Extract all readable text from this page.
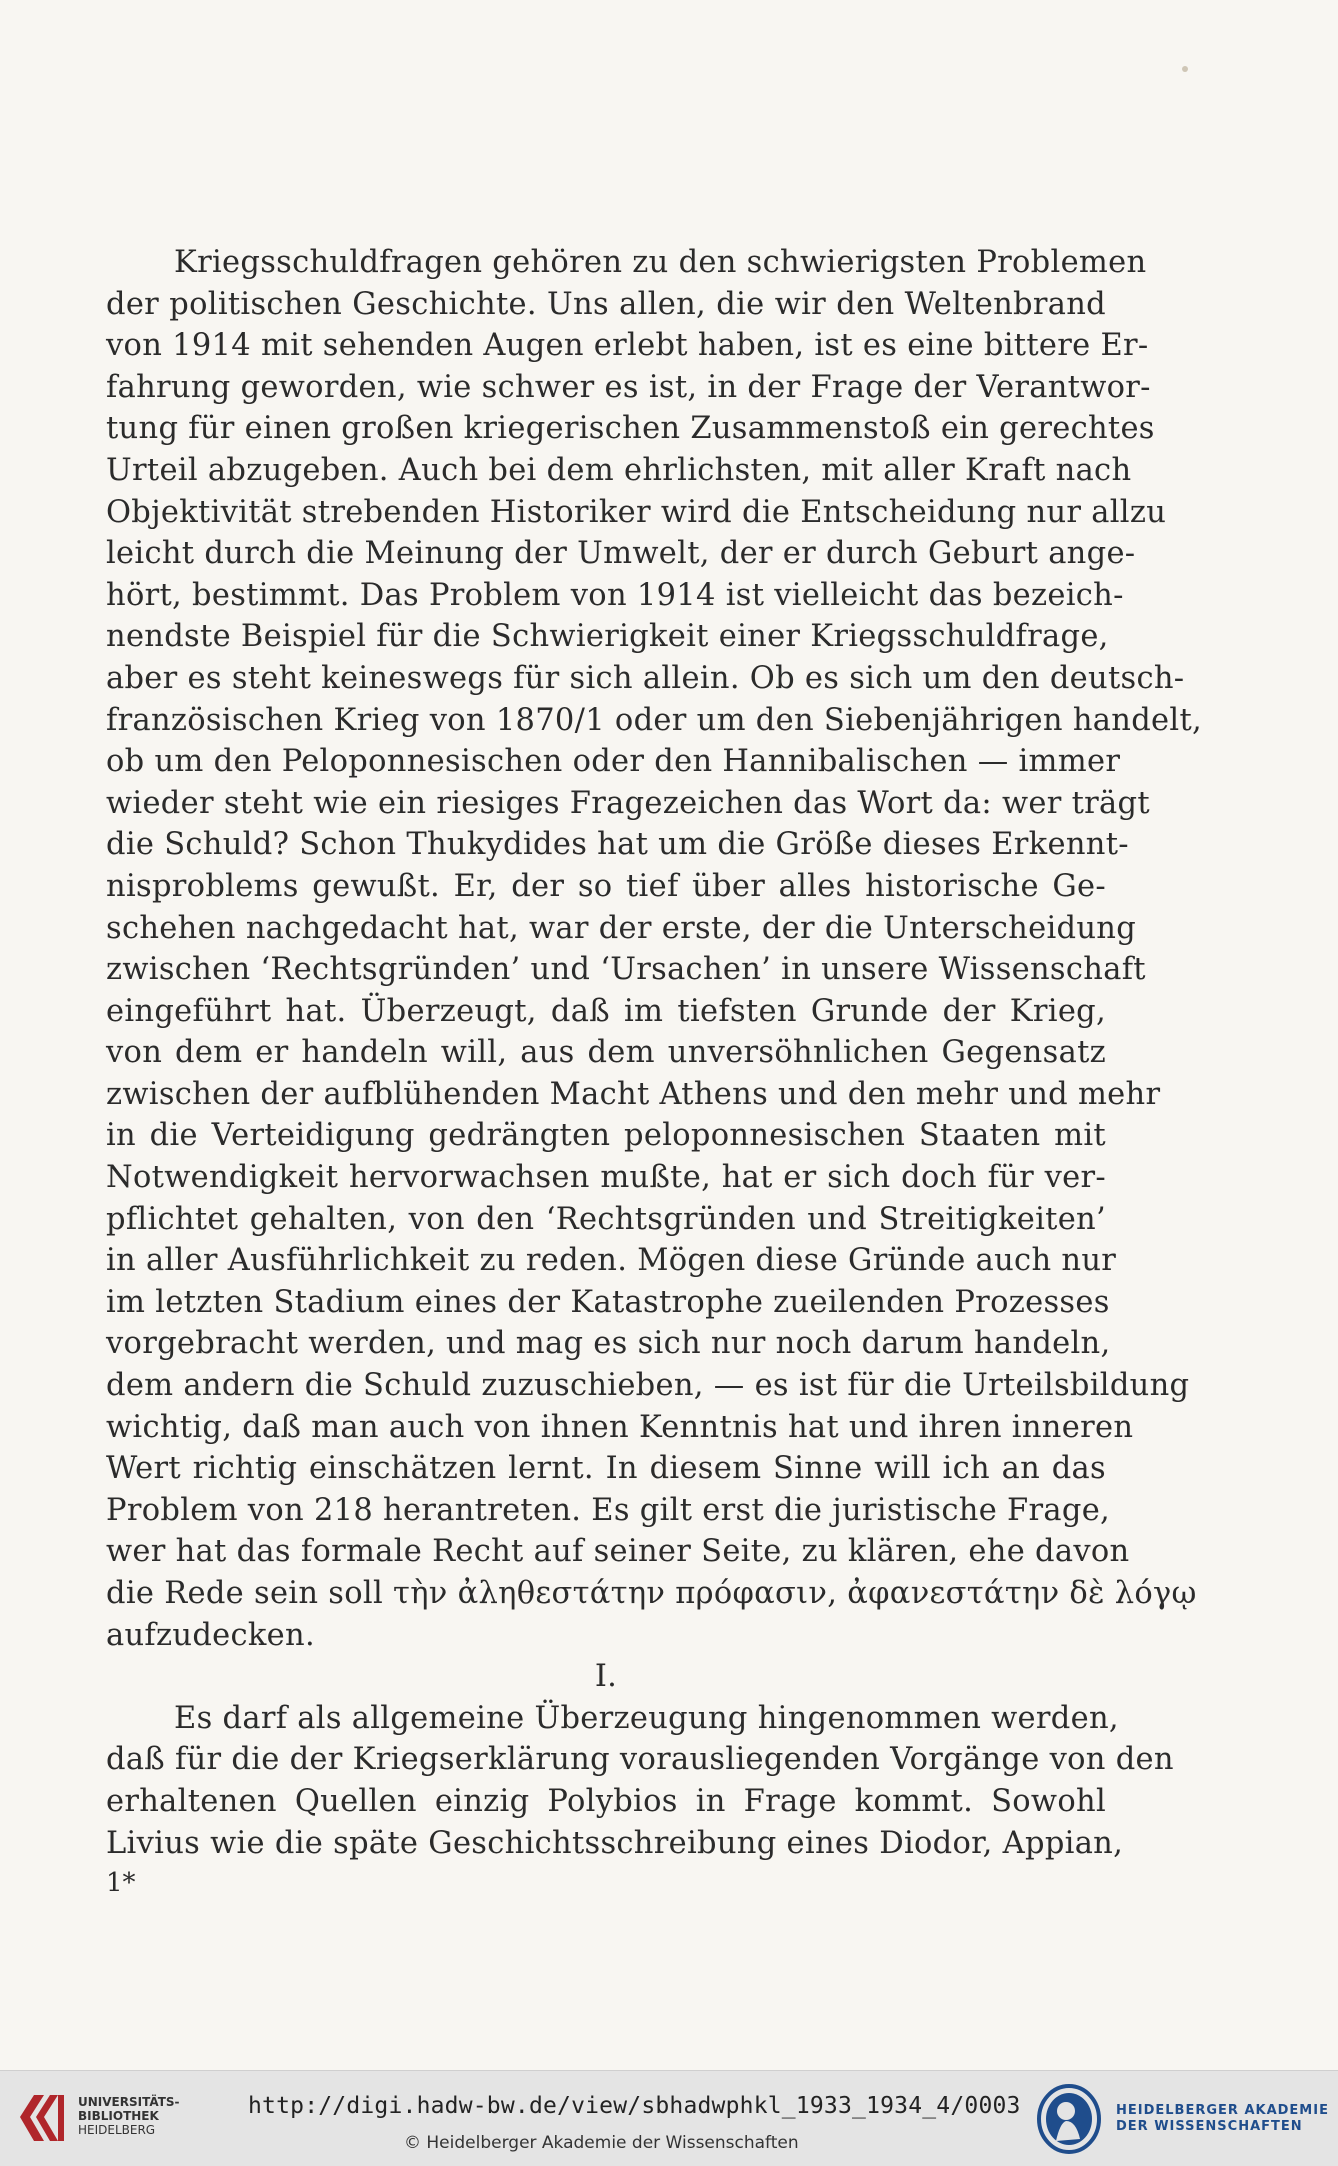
Kriegsschuldfragen gehören zu den schwierigsten Problemen
der politischen Geschichte. Uns allen, die wir den Weltenbrand
von 1914 mit sehenden Augen erlebt haben, ist es eine bittere Er-
fahrung geworden, wie schwer es ist, in der Frage der Verantwor-
tung für einen großen kriegerischen Zusammenstoß ein gerechtes
Urteil abzugeben. Auch bei dem ehrlichsten, mit aller Kraft nach
Objektivität strebenden Historiker wird die Entscheidung nur allzu
leicht durch die Meinung der Umwelt, der er durch Geburt ange-
hört, bestimmt. Das Problem von 1914 ist vielleicht das bezeich-
nendste Beispiel für die Schwierigkeit einer Kriegsschuldfrage,
aber es steht keineswegs für sich allein. Ob es sich um den deutsch-
französischen Krieg von 1870/1 oder um den Siebenjährigen handelt,
ob um den Peloponnesischen oder den Hannibalischen — immer
wieder steht wie ein riesiges Fragezeichen das Wort da: wer trägt
die Schuld? Schon Thukydides hat um die Größe dieses Erkennt-
nisproblems gewußt. Er, der so tief über alles historische Ge-
schehen nachgedacht hat, war der erste, der die Unterscheidung
zwischen ‘Rechtsgründen’ und ‘Ursachen’ in unsere Wissenschaft
eingeführt hat. Überzeugt, daß im tiefsten Grunde der Krieg,
von dem er handeln will, aus dem unversöhnlichen Gegensatz
zwischen der aufblühenden Macht Athens und den mehr und mehr
in die Verteidigung gedrängten peloponnesischen Staaten mit
Notwendigkeit hervorwachsen mußte, hat er sich doch für ver-
pflichtet gehalten, von den ‘Rechtsgründen und Streitigkeiten’
in aller Ausführlichkeit zu reden. Mögen diese Gründe auch nur
im letzten Stadium eines der Katastrophe zueilenden Prozesses
vorgebracht werden, und mag es sich nur noch darum handeln,
dem andern die Schuld zuzuschieben, — es ist für die Urteilsbildung
wichtig, daß man auch von ihnen Kenntnis hat und ihren inneren
Wert richtig einschätzen lernt. In diesem Sinne will ich an das
Problem von 218 herantreten. Es gilt erst die juristische Frage,
wer hat das formale Recht auf seiner Seite, zu klären, ehe davon
die Rede sein soll τὴν ἀληθεστάτην πρόφασιν, ἀφανεστάτην δὲ λόγῳ
aufzudecken.
I.
Es darf als allgemeine Überzeugung hingenommen werden,
daß für die der Kriegserklärung vorausliegenden Vorgänge von den
erhaltenen Quellen einzig Polybios in Frage kommt. Sowohl
Livius wie die späte Geschichtsschreibung eines Diodor, Appian,
1*
UNIVERSITÄTS-
BIBLIOTHEK
HEIDELBERG
http://digi.hadw-bw.de/view/sbhadwphkl_1933_1934_4/0003
© Heidelberger Akademie der Wissenschaften
HEIDELBERGER AKADEMIE
DER WISSENSCHAFTEN
